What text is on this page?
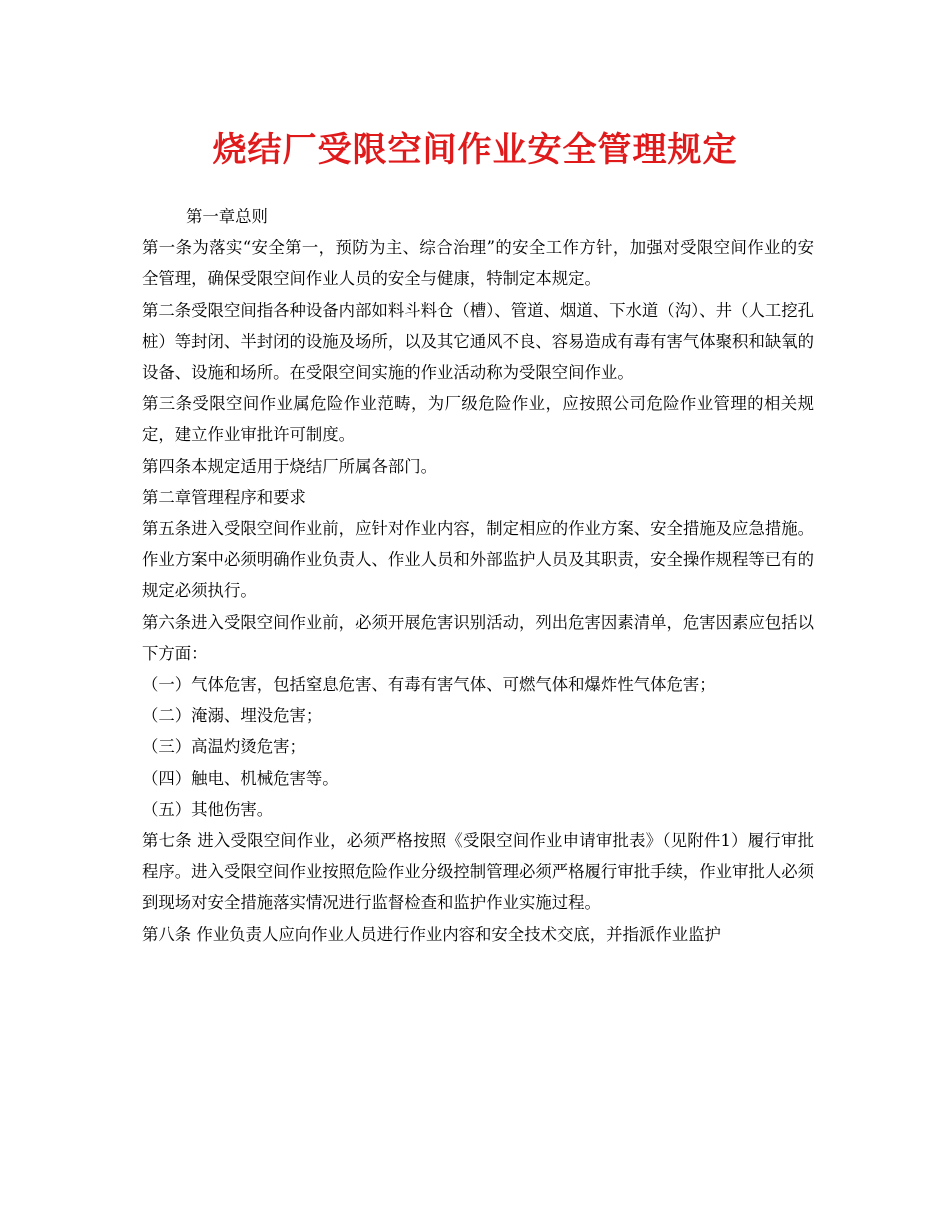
烧结厂受限空间作业安全管理规定

第一章总则

第一条为落实“安全第一，预防为主、综合治理”的安全工作方针，加强对受限空间作业的安全管理，确保受限空间作业人员的安全与健康，特制定本规定。

第二条受限空间指各种设备内部如料斗料仓（槽）、管道、烟道、下水道（沟）、井（人工挖孔桩）等封闭、半封闭的设施及场所，以及其它通风不良、容易造成有毒有害气体聚积和缺氧的设备、设施和场所。在受限空间实施的作业活动称为受限空间作业。

第三条受限空间作业属危险作业范畴，为厂级危险作业，应按照公司危险作业管理的相关规定，建立作业审批许可制度。

第四条本规定适用于烧结厂所属各部门。

第二章管理程序和要求

第五条进入受限空间作业前，应针对作业内容，制定相应的作业方案、安全措施及应急措施。作业方案中必须明确作业负责人、作业人员和外部监护人员及其职责，安全操作规程等已有的规定必须执行。

第六条进入受限空间作业前，必须开展危害识别活动，列出危害因素清单，危害因素应包括以下方面：

（一）气体危害，包括窒息危害、有毒有害气体、可燃气体和爆炸性气体危害；

（二）淹溺、埋没危害；

（三）高温灼烫危害；

（四）触电、机械危害等。

（五）其他伤害。

第七条 进入受限空间作业，必须严格按照《受限空间作业申请审批表》（见附件1）履行审批程序。进入受限空间作业按照危险作业分级控制管理必须严格履行审批手续，作业审批人必须到现场对安全措施落实情况进行监督检查和监护作业实施过程。

第八条 作业负责人应向作业人员进行作业内容和安全技术交底，并指派作业监护
